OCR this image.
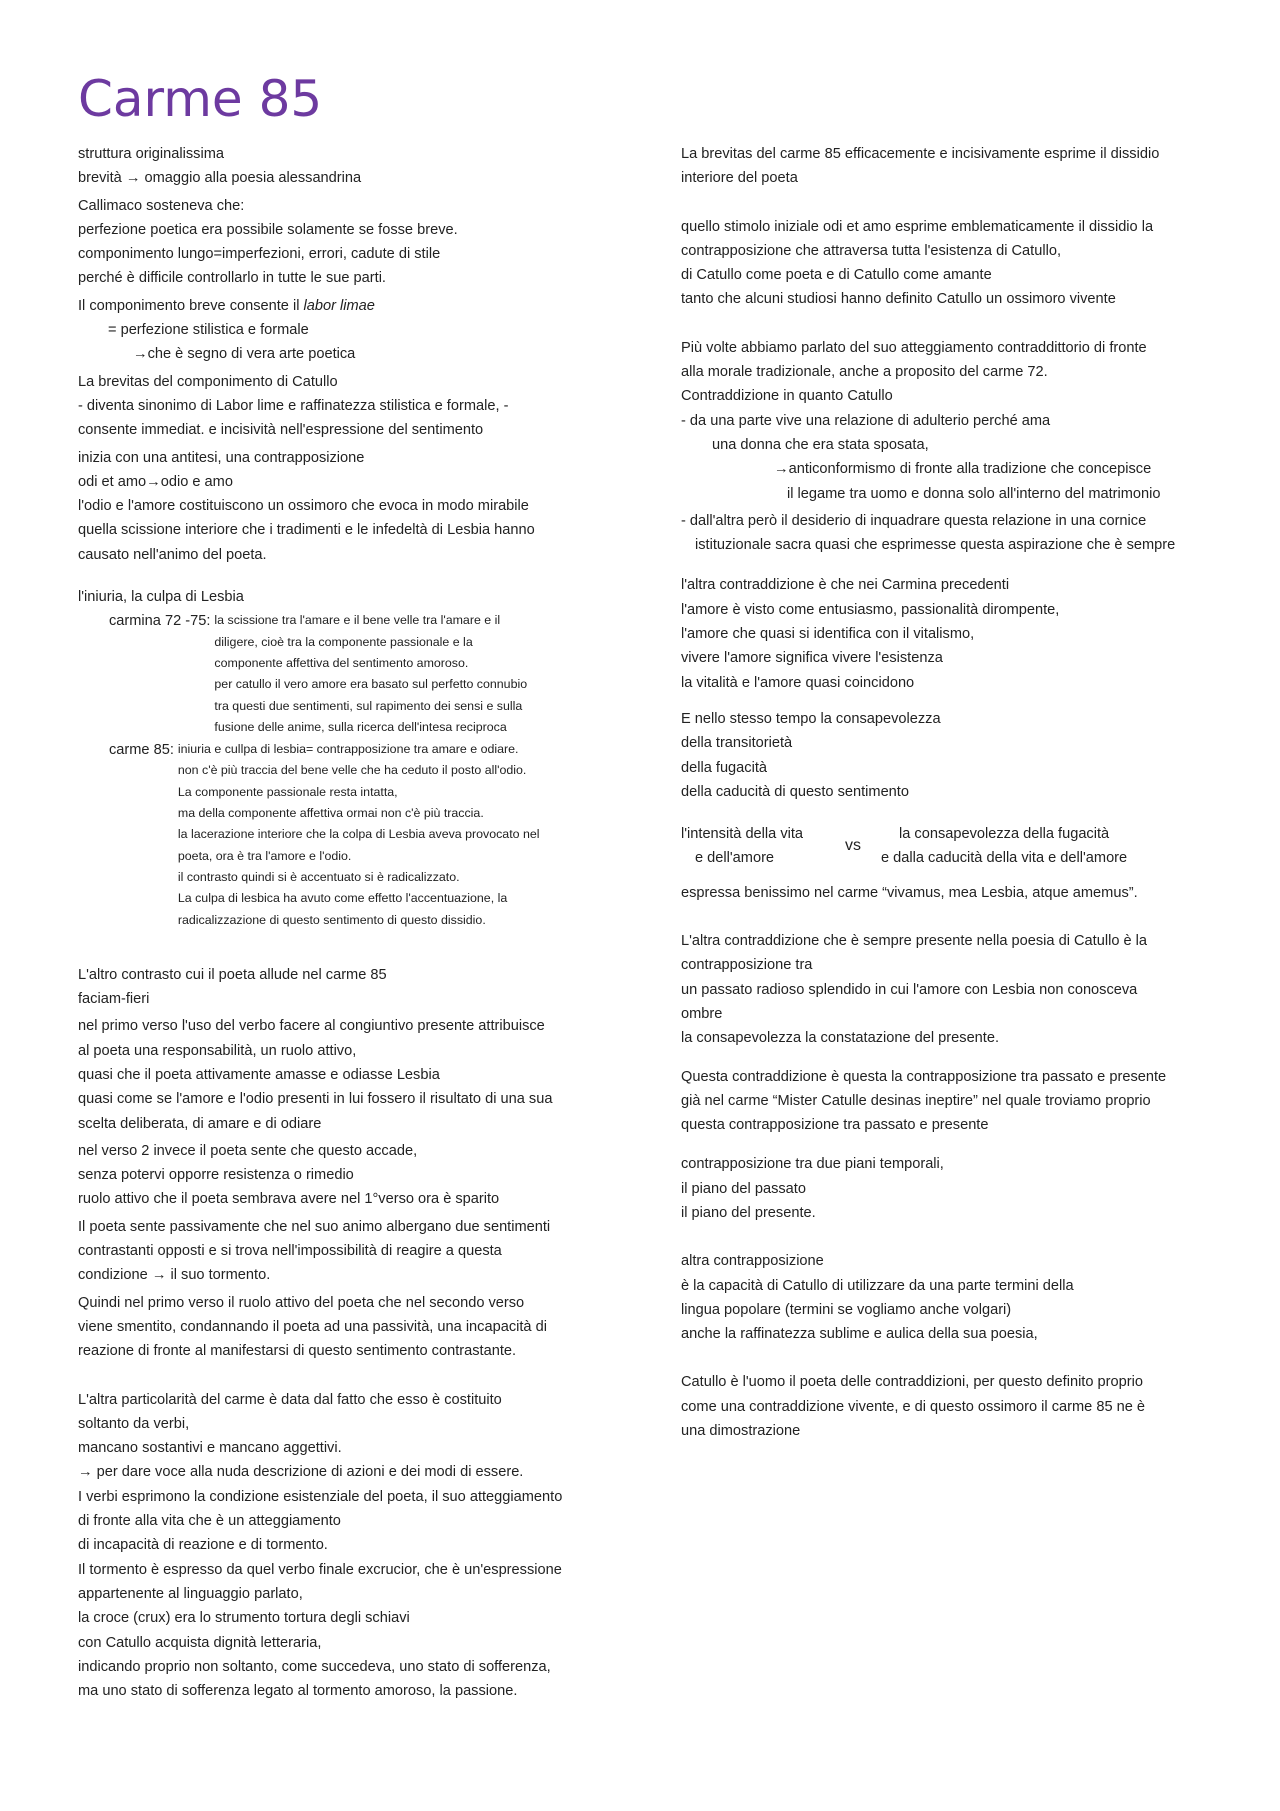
Carme 85
struttura originalissima
brevità → omaggio alla poesia alessandrina
Callimaco sosteneva che:
perfezione poetica era possibile solamente se fosse breve.
componimento lungo=imperfezioni, errori, cadute di stile
perché è difficile controllarlo in tutte le sue parti.
Il componimento breve consente il labor limae
= perfezione stilistica e formale
→che è segno di vera arte poetica
La brevitas del componimento di Catullo
- diventa sinonimo di Labor lime e raffinatezza stilistica e formale, -
consente immediat. e incisività nell'espressione del sentimento
inizia con una antitesi, una contrapposizione
odi et amo→odio e amo
l'odio e l'amore costituiscono un ossimoro che evoca in modo mirabile
quella scissione interiore che i tradimenti e le infedeltà di Lesbia hanno
causato nell'animo del poeta.
l'iniuria, la culpa di Lesbia
carmina 72 -75: la scissione tra l'amare e il bene velle tra l'amare e il
diligere, cioè tra la componente passionale e la
componente affettiva del sentimento amoroso.
per catullo il vero amore era basato sul perfetto connubio
tra questi due sentimenti, sul rapimento dei sensi e sulla
fusione delle anime, sulla ricerca dell'intesa reciproca
carme 85: iniuria e cullpa di lesbia= contrapposizione tra amare e odiare.
non c'è più traccia del bene velle che ha ceduto il posto all'odio.
La componente passionale resta intatta,
ma della componente affettiva ormai non c'è più traccia.
la lacerazione interiore che la colpa di Lesbia aveva provocato nel
poeta, ora è tra l'amore e l'odio.
il contrasto quindi si è accentuato si è radicalizzato.
La culpa di lesbica ha avuto come effetto l'accentuazione, la
radicalizzazione di questo sentimento di questo dissidio.
L'altro contrasto cui il poeta allude nel carme 85
faciam-fieri
nel primo verso l'uso del verbo facere al congiuntivo presente attribuisce
al poeta una responsabilità, un ruolo attivo,
quasi che il poeta attivamente amasse e odiasse Lesbia
quasi come se l'amore e l'odio presenti in lui fossero il risultato di una sua
scelta deliberata, di amare e di odiare
nel verso 2 invece il poeta sente che questo accade,
senza potervi opporre resistenza o rimedio
ruolo attivo che il poeta sembrava avere nel 1°verso ora è sparito
Il poeta sente passivamente che nel suo animo albergano due sentimenti
contrastanti opposti e si trova nell'impossibilità di reagire a questa
condizione → il suo tormento.
Quindi nel primo verso il ruolo attivo del poeta che nel secondo verso
viene smentito, condannando il poeta ad una passività, una incapacità di
reazione di fronte al manifestarsi di questo sentimento contrastante.
L'altra particolarità del carme è data dal fatto che esso è costituito
soltanto da verbi,
mancano sostantivi e mancano aggettivi.
→ per dare voce alla nuda descrizione di azioni e dei modi di essere.
I verbi esprimono la condizione esistenziale del poeta, il suo atteggiamento
di fronte alla vita che è un atteggiamento
di incapacità di reazione e di tormento.
Il tormento è espresso da quel verbo finale excrucior, che è un'espressione
appartenente al linguaggio parlato,
la croce (crux) era lo strumento tortura degli schiavi
con Catullo acquista dignità letteraria,
indicando proprio non soltanto, come succedeva, uno stato di sofferenza,
ma uno stato di sofferenza legato al tormento amoroso, la passione.
La brevitas del carme 85 efficacemente e incisivamente esprime il dissidio
interiore del poeta
quello stimolo iniziale odi et amo esprime emblematicamente il dissidio la
contrapposizione che attraversa tutta l'esistenza di Catullo,
di Catullo come poeta e di Catullo come amante
tanto che alcuni studiosi hanno definito Catullo un ossimoro vivente
Più volte abbiamo parlato del suo atteggiamento contraddittorio di fronte
alla morale tradizionale, anche a proposito del carme 72.
Contraddizione in quanto Catullo
- da una parte vive una relazione di adulterio perché ama
una donna che era stata sposata,
→anticonformismo di fronte alla tradizione che concepisce
il legame tra uomo e donna solo all'interno del matrimonio
- dall'altra però il desiderio di inquadrare questa relazione in una cornice
istituzionale sacra quasi che esprimesse questa aspirazione che è sempre
l'altra contraddizione è che nei Carmina precedenti
l'amore è visto come entusiasmo, passionalità dirompente,
l'amore che quasi si identifica con il vitalismo,
vivere l'amore significa vivere l'esistenza
la vitalità e l'amore quasi coincidono
E nello stesso tempo la consapevolezza
della transitorietà
della fugacità
della caducità di questo sentimento
l'intensità della vita
e dell'amore
vs
la consapevolezza della fugacità
e dalla caducità della vita e dell'amore
espressa benissimo nel carme “vivamus, mea Lesbia, atque amemus”.
L'altra contraddizione che è sempre presente nella poesia di Catullo è la
contrapposizione tra
un passato radioso splendido in cui l'amore con Lesbia non conosceva
ombre
la consapevolezza la constatazione del presente.
Questa contraddizione è questa la contrapposizione tra passato e presente
già nel carme “Mister Catulle desinas ineptire” nel quale troviamo proprio
questa contrapposizione tra passato e presente
contrapposizione tra due piani temporali,
il piano del passato
il piano del presente.
altra contrapposizione
è la capacità di Catullo di utilizzare da una parte termini della
lingua popolare (termini se vogliamo anche volgari)
anche la raffinatezza sublime e aulica della sua poesia,
Catullo è l'uomo il poeta delle contraddizioni, per questo definito proprio
come una contraddizione vivente, e di questo ossimoro il carme 85 ne è
una dimostrazione
